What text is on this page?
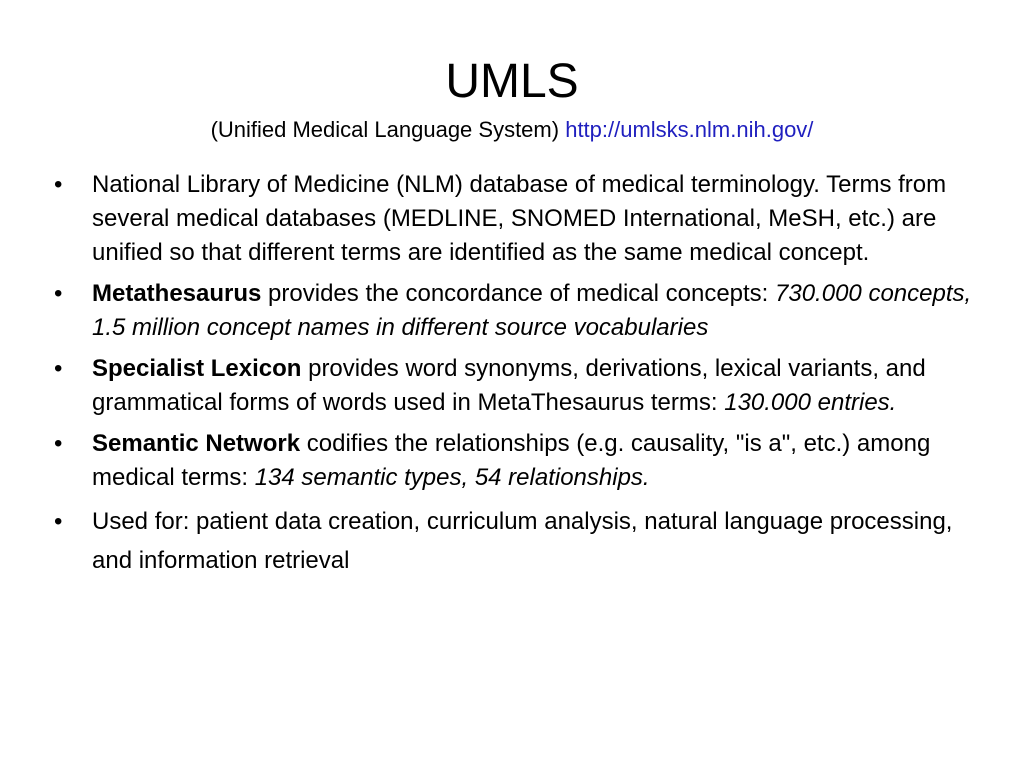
UMLS
(Unified Medical Language System) http://umlsks.nlm.nih.gov/
• National Library of Medicine (NLM) database of medical terminology. Terms from several medical databases (MEDLINE, SNOMED International, MeSH, etc.) are unified so that different terms are identified as the same medical concept.
• Metathesaurus provides the concordance of medical concepts: 730.000 concepts, 1.5 million concept names in different source vocabularies
• Specialist Lexicon provides word synonyms, derivations, lexical variants, and grammatical forms of words used in MetaThesaurus terms: 130.000 entries.
• Semantic Network codifies the relationships (e.g. causality, "is a", etc.) among medical terms: 134 semantic types, 54 relationships.
• Used for: patient data creation, curriculum analysis, natural language processing, and information retrieval
